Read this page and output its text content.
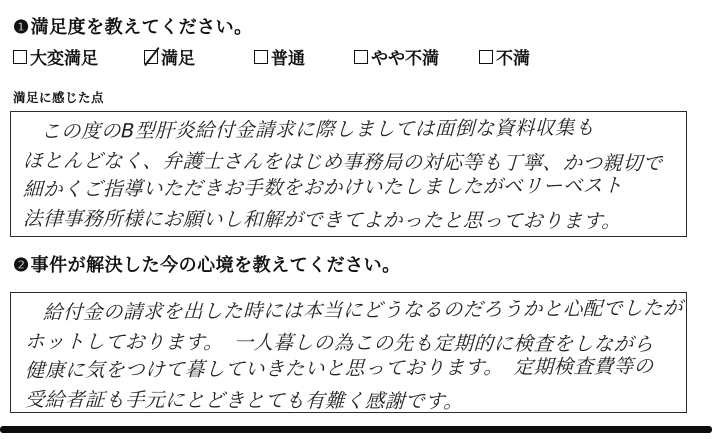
❶満足度を教えてください。
大変満足	満足	普通	やや不満	不満
満足に感じた点

この度のB型肝炎給付金請求に際しましては面倒な資料収集も

ほとんどなく、弁護士さんをはじめ事務局の対応等も丁寧、かつ親切で

細かくご指導いただきお手数をおかけいたしましたがベリーベスト

法律事務所様にお願いし和解ができてよかったと思っております。

❷事件が解決した今の心境を教えてください。

給付金の請求を出した時には本当にどうなるのだろうかと心配でしたが

ホットしております。　一人暮しの為この先も定期的に検査をしながら

健康に気をつけて暮していきたいと思っております。　定期検査費等の

受給者証も手元にとどきとても有難く感謝です。
